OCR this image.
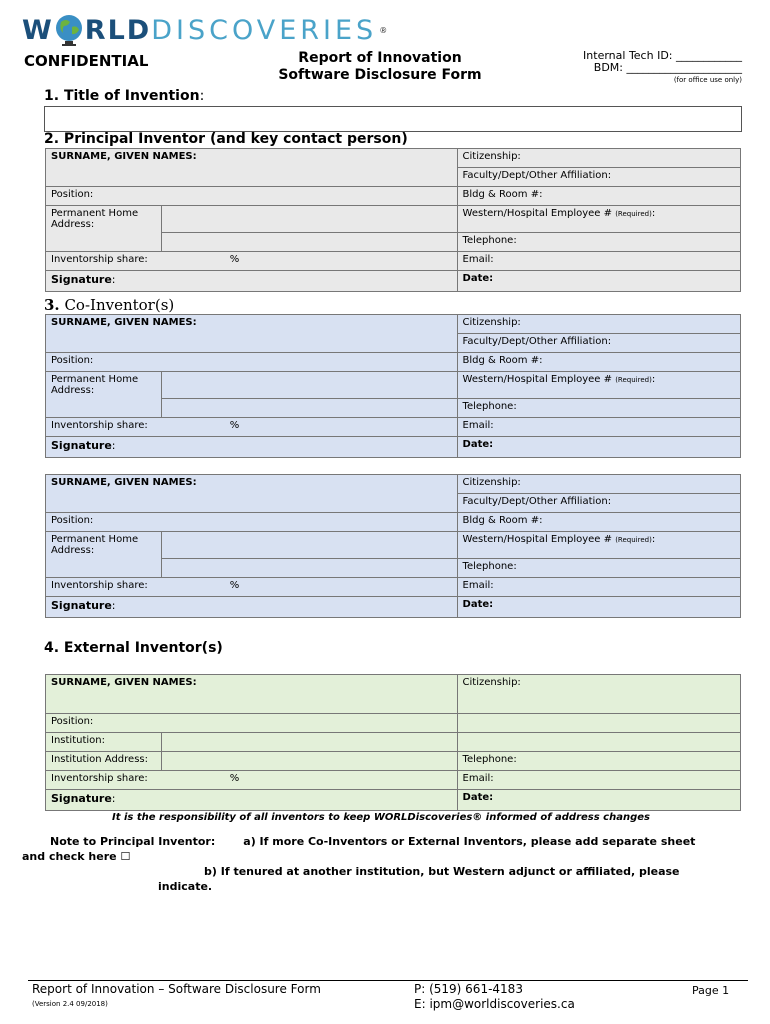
W RLD DISCOVERIES ®
CONFIDENTIAL	Report of Innovation
Software Disclosure Form
Internal Tech ID: ____________
BDM: _____________________
(for office use only)
1. Title of Invention:
2. Principal Inventor (and key contact person)
SURNAME, GIVEN NAMES:		Citizenship:
		Faculty/Dept/Other Affiliation:
Position:		Bldg & Room #:
Permanent Home Address:		Western/Hospital Employee # (Required):
		Telephone:
Inventorship share: %		Email:
Signature:		Date:
3. Co-Inventor(s)
SURNAME, GIVEN NAMES:		Citizenship:
		Faculty/Dept/Other Affiliation:
Position:		Bldg & Room #:
Permanent Home Address:		Western/Hospital Employee # (Required):
		Telephone:
Inventorship share: %		Email:
Signature:		Date:
SURNAME, GIVEN NAMES:		Citizenship:
		Faculty/Dept/Other Affiliation:
Position:		Bldg & Room #:
Permanent Home Address:		Western/Hospital Employee # (Required):
		Telephone:
Inventorship share: %		Email:
Signature:		Date:
4. External Inventor(s)
SURNAME, GIVEN NAMES:		Citizenship:
Position:		
Institution:		
Institution Address:		Telephone:
Inventorship share: %		Email:
Signature:		Date:
It is the responsibility of all inventors to keep WORLDiscoveries® informed of address changes
Note to Principal Inventor:	a) If more Co-Inventors or External Inventors, please add separate sheet
and check here ☐
b) If tenured at another institution, but Western adjunct or affiliated, please
indicate.
Report of Innovation – Software Disclosure Form
(Version 2.4 09/2018)
P: (519) 661-4183
E: ipm@worldiscoveries.ca
Page 1
